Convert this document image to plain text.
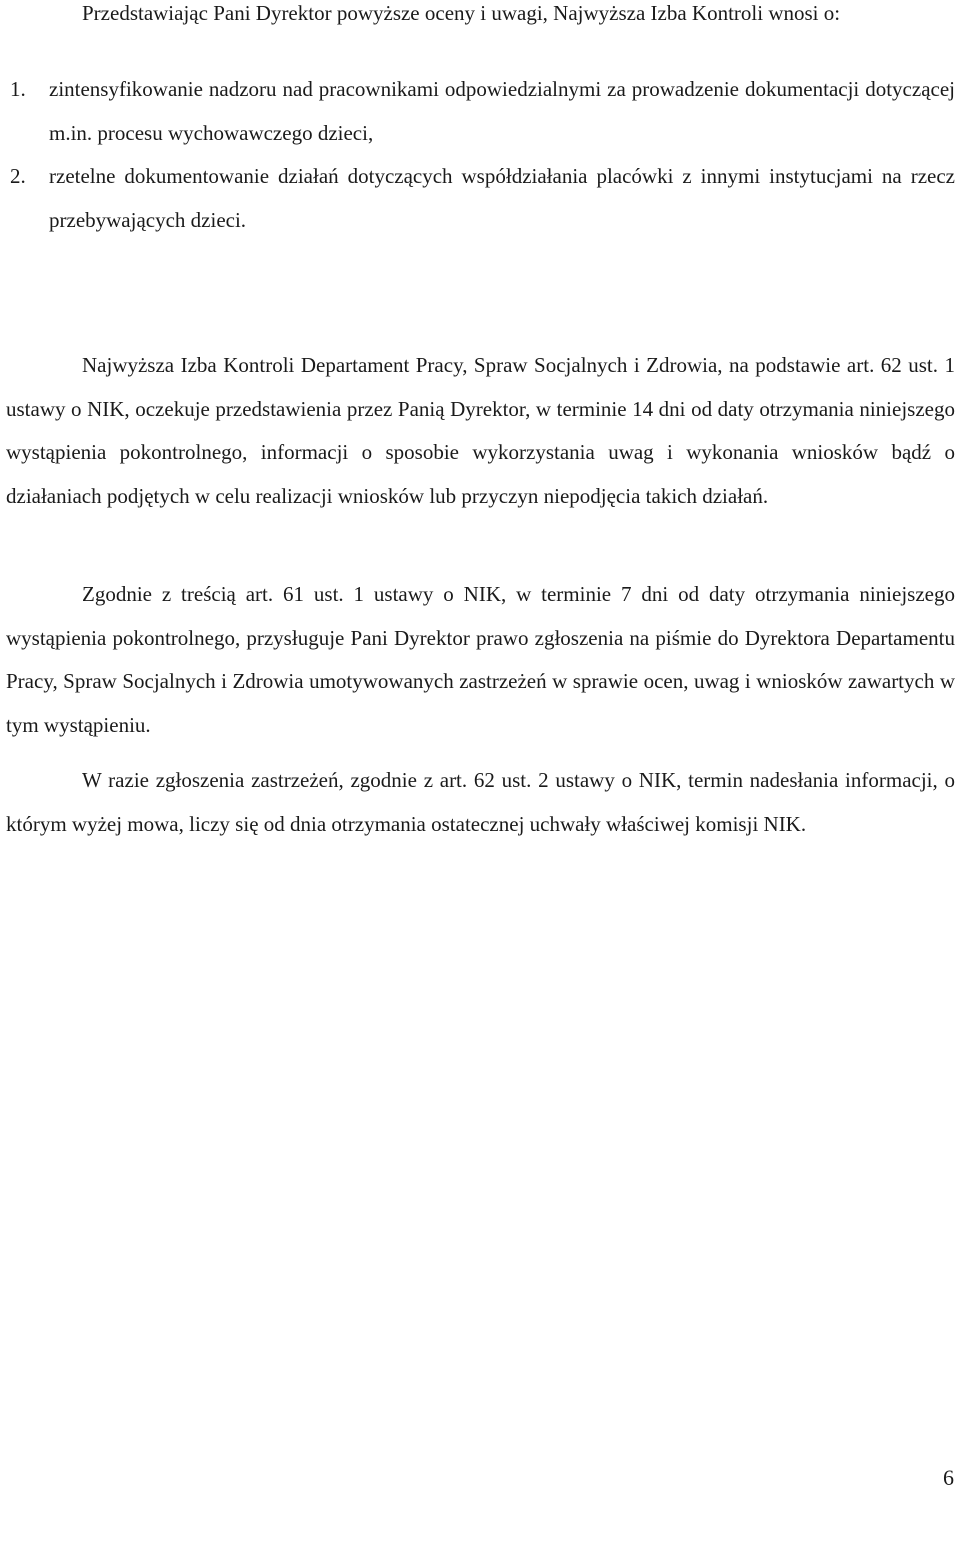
Przedstawiając Pani Dyrektor powyższe oceny i uwagi, Najwyższa Izba Kontroli wnosi o:

1. zintensyfikowanie nadzoru nad pracownikami odpowiedzialnymi za prowadzenie dokumentacji dotyczącej m.in. procesu wychowawczego dzieci,
2. rzetelne dokumentowanie działań dotyczących współdziałania placówki z innymi instytucjami na rzecz przebywających dzieci.

Najwyższa Izba Kontroli Departament Pracy, Spraw Socjalnych i Zdrowia, na podstawie art. 62 ust. 1 ustawy o NIK, oczekuje przedstawienia przez Panią Dyrektor, w terminie 14 dni od daty otrzymania niniejszego wystąpienia pokontrolnego, informacji o sposobie wykorzystania uwag i wykonania wniosków bądź o działaniach podjętych w celu realizacji wniosków lub przyczyn niepodjęcia takich działań.

Zgodnie z treścią art. 61 ust. 1 ustawy o NIK, w terminie 7 dni od daty otrzymania niniejszego wystąpienia pokontrolnego, przysługuje Pani Dyrektor prawo zgłoszenia na piśmie do Dyrektora Departamentu Pracy, Spraw Socjalnych i Zdrowia umotywowanych zastrzeżeń w sprawie ocen, uwag i wniosków zawartych w tym wystąpieniu.

W razie zgłoszenia zastrzeżeń, zgodnie z art. 62 ust. 2 ustawy o NIK, termin nadesłania informacji, o którym wyżej mowa, liczy się od dnia otrzymania ostatecznej uchwały właściwej komisji NIK.

6
